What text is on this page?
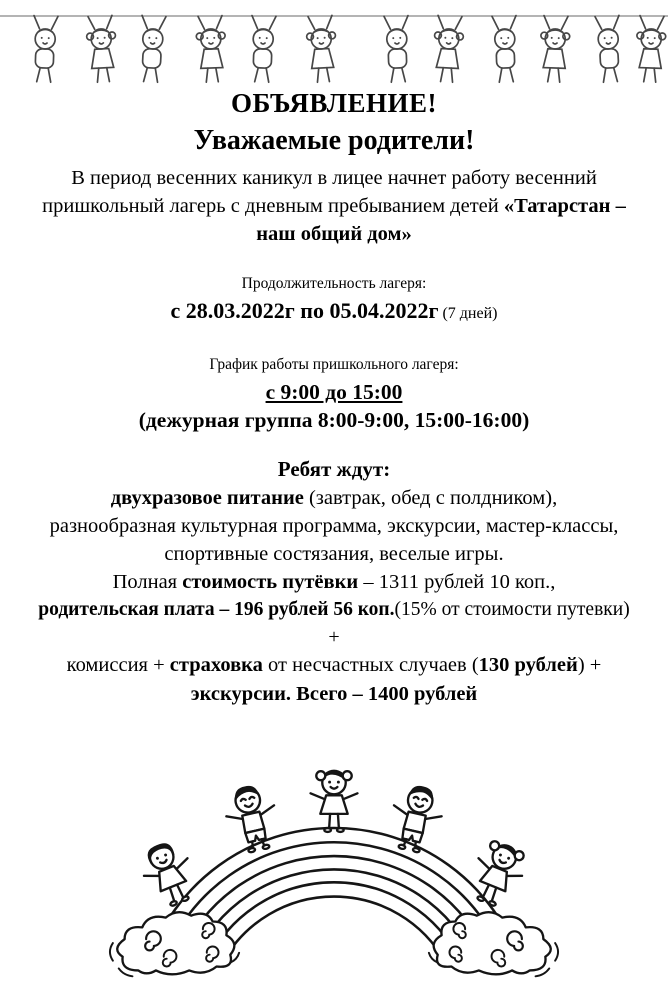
ОБЪЯВЛЕНИЕ!
Уважаемые родители!
В период весенних каникул в лицее начнет работу весенний пришкольный лагерь с дневным пребыванием детей «Татарстан – наш общий дом»
Продолжительность лагеря:
с 28.03.2022г по 05.04.2022г (7 дней)
График работы пришкольного лагеря:
с 9:00 до 15:00
(дежурная группа 8:00-9:00, 15:00-16:00)
Ребят ждут:
двухразовое питание (завтрак, обед с полдником),
разнообразная культурная программа, экскурсии, мастер-классы,
спортивные состязания, веселые игры.
Полная стоимость путёвки – 1311 рублей 10 коп.,
родительская плата – 196 рублей 56 коп.(15% от стоимости путевки)
+
комиссия + страховка от несчастных случаев (130 рублей) +
экскурсии. Всего – 1400 рублей
